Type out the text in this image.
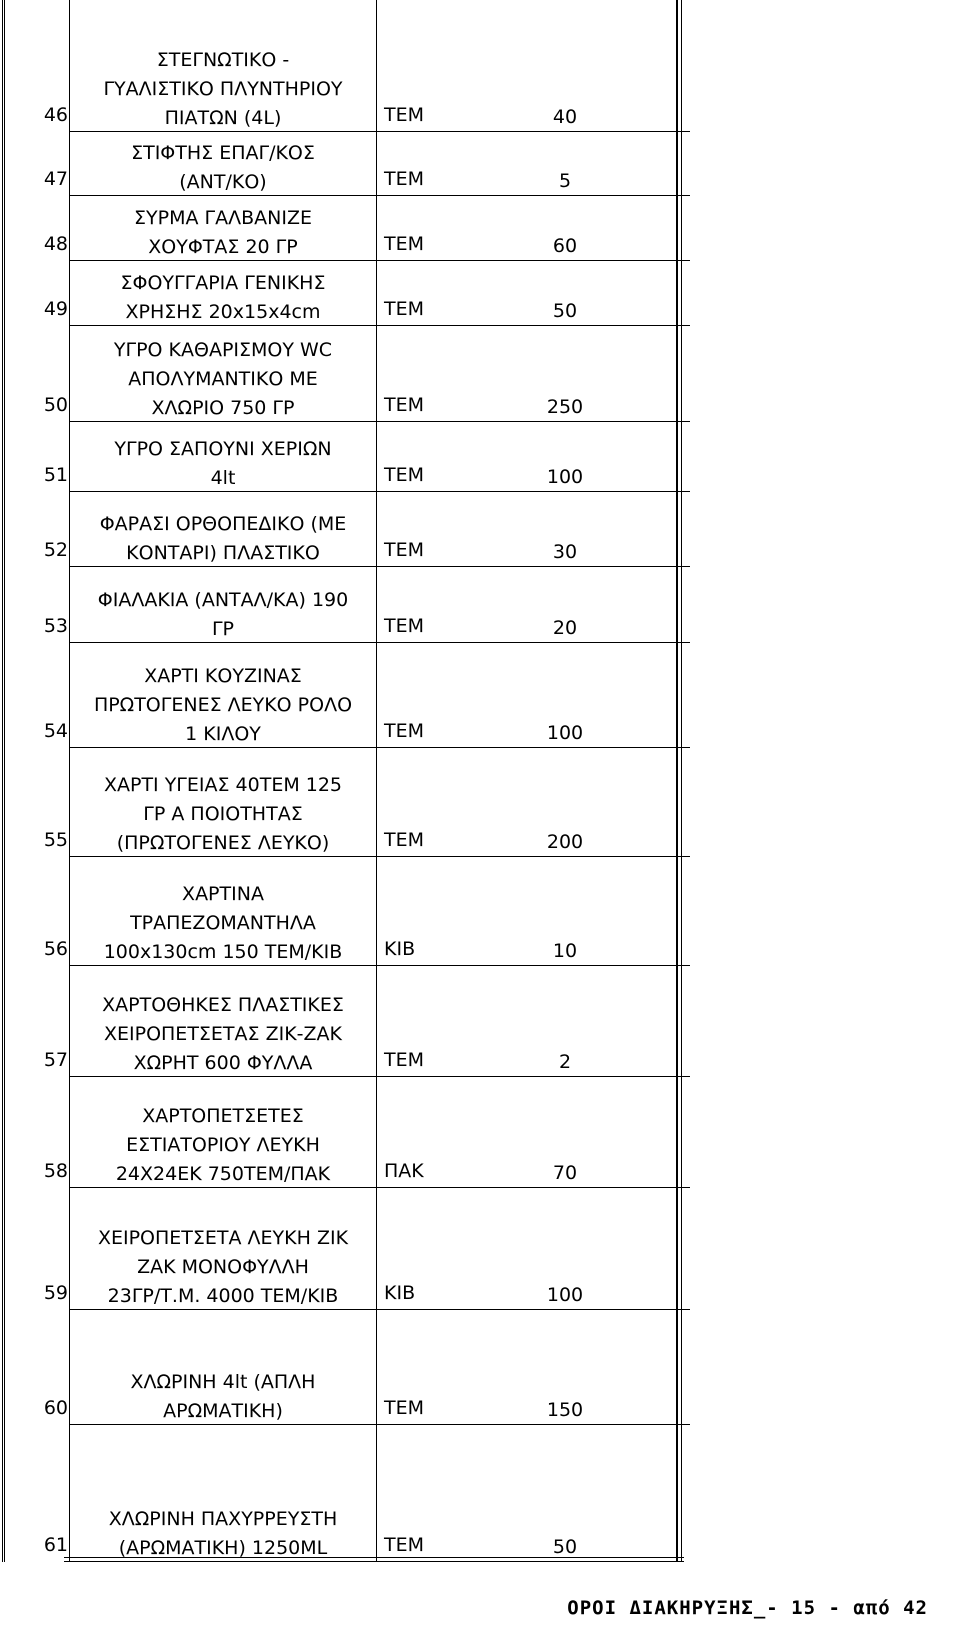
46
ΣΤΕΓΝΩΤΙΚΟ -
ΓΥΑΛΙΣΤΙΚΟ ΠΛΥΝΤΗΡΙΟΥ
ΠΙΑΤΩΝ (4L)	ΤΕΜ	40
47
ΣΤΙΦΤΗΣ ΕΠΑΓ/ΚΟΣ
(ΑΝΤ/ΚΟ)	ΤΕΜ	5
48
ΣΥΡΜΑ ΓΑΛΒΑΝΙΖΕ
ΧΟΥΦΤΑΣ 20 ΓΡ	ΤΕΜ	60
49
ΣΦΟΥΓΓΑΡΙΑ ΓΕΝΙΚΗΣ
ΧΡΗΣΗΣ 20x15x4cm	ΤΕΜ	50
50
ΥΓΡΟ ΚΑΘΑΡΙΣΜΟΥ WC
ΑΠΟΛΥΜΑΝΤΙΚΟ ΜΕ
ΧΛΩΡΙΟ 750 ΓΡ	ΤΕΜ	250
51
ΥΓΡΟ ΣΑΠΟΥΝΙ ΧΕΡΙΩΝ
4lt	ΤΕΜ	100
52
ΦΑΡΑΣΙ ΟΡΘΟΠΕΔΙΚΟ (ΜΕ
ΚΟΝΤΑΡΙ) ΠΛΑΣΤΙΚΟ	ΤΕΜ	30
53
ΦΙΑΛΑΚΙΑ (ΑΝΤΑΛ/ΚΑ) 190
ΓΡ	ΤΕΜ	20
54
ΧΑΡΤΙ ΚΟΥΖΙΝΑΣ
ΠΡΩΤΟΓΕΝΕΣ ΛΕΥΚΟ ΡΟΛΟ
1 ΚΙΛΟΥ	ΤΕΜ	100
55
ΧΑΡΤΙ ΥΓΕΙΑΣ 40ΤΕΜ 125
ΓΡ Α ΠΟΙΟΤΗΤΑΣ
(ΠΡΩΤΟΓΕΝΕΣ ΛΕΥΚΟ)	ΤΕΜ	200
56
ΧΑΡΤΙΝΑ
ΤΡΑΠΕΖΟΜΑΝΤΗΛΑ
100x130cm 150 ΤΕΜ/ΚΙΒ	ΚΙΒ	10
57
ΧΑΡΤΟΘΗΚΕΣ ΠΛΑΣΤΙΚΕΣ
ΧΕΙΡΟΠΕΤΣΕΤΑΣ ΖΙΚ-ΖΑΚ
ΧΩΡΗΤ 600 ΦΥΛΛΑ	ΤΕΜ	2
58
ΧΑΡΤΟΠΕΤΣΕΤΕΣ
ΕΣΤΙΑΤΟΡΙΟΥ ΛΕΥΚΗ
24Χ24ΕΚ 750ΤΕΜ/ΠΑΚ	ΠΑΚ	70
59
ΧΕΙΡΟΠΕΤΣΕΤΑ ΛΕΥΚΗ ΖΙΚ
ΖΑΚ ΜΟΝΟΦΥΛΛΗ
23ΓΡ/Τ.Μ. 4000 ΤΕΜ/ΚΙΒ	ΚΙΒ	100
60
ΧΛΩΡΙΝΗ 4lt (ΑΠΛΗ
ΑΡΩΜΑΤΙΚΗ)	ΤΕΜ	150
61
ΧΛΩΡΙΝΗ ΠΑΧΥΡΡΕΥΣΤΗ
(ΑΡΩΜΑΤΙΚΗ) 1250ML	ΤΕΜ	50
ΟΡΟΙ ΔΙΑΚΗΡΥΞΗΣ_- 15 - από 42
